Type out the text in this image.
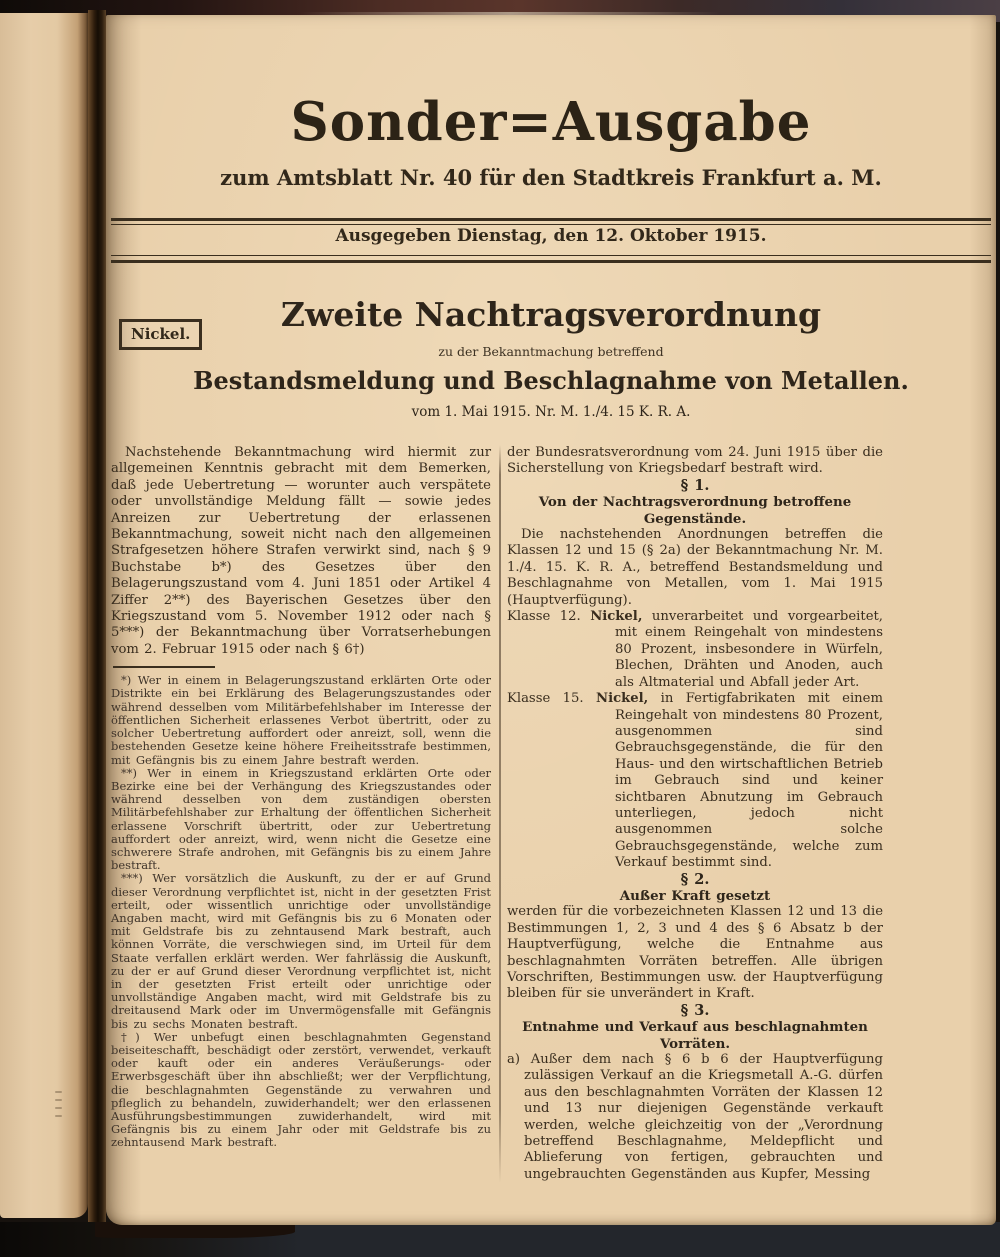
Sonder=Ausgabe
zum Amtsblatt Nr. 40 für den Stadtkreis Frankfurt a. M.
Ausgegeben Dienstag, den 12. Oktober 1915.
Nickel.	Zweite Nachtragsverordnung
zu der Bekanntmachung betreffend
Bestandsmeldung und Beschlagnahme von Metallen.
vom 1. Mai 1915. Nr. M. 1./4. 15 K. R. A.

Nachstehende Bekanntmachung wird hiermit zur allgemeinen Kenntnis gebracht mit dem Bemerken, daß jede Uebertretung — worunter auch verspätete oder unvollständige Meldung fällt — sowie jedes Anreizen zur Uebertretung der erlassenen Bekanntmachung, soweit nicht nach den allgemeinen Strafgesetzen höhere Strafen verwirkt sind, nach § 9 Buchstabe b*) des Gesetzes über den Belagerungszustand vom 4. Juni 1851 oder Artikel 4 Ziffer 2**) des Bayerischen Gesetzes über den Kriegszustand vom 5. November 1912 oder nach § 5***) der Bekanntmachung über Vorratserhebungen vom 2. Februar 1915 oder nach § 6†)

*) Wer in einem in Belagerungszustand erklärten Orte oder Distrikte ein bei Erklärung des Belagerungszustandes oder während desselben vom Militärbefehlshaber im Interesse der öffentlichen Sicherheit erlassenes Verbot übertritt, oder zu solcher Uebertretung auffordert oder anreizt, soll, wenn die bestehenden Gesetze keine höhere Freiheitsstrafe bestimmen, mit Gefängnis bis zu einem Jahre bestraft werden.

**) Wer in einem in Kriegszustand erklärten Orte oder Bezirke eine bei der Verhängung des Kriegszustandes oder während desselben von dem zuständigen obersten Militärbefehlshaber zur Erhaltung der öffentlichen Sicherheit erlassene Vorschrift übertritt, oder zur Uebertretung auffordert oder anreizt, wird, wenn nicht die Gesetze eine schwerere Strafe androhen, mit Gefängnis bis zu einem Jahre bestraft.

***) Wer vorsätzlich die Auskunft, zu der er auf Grund dieser Verordnung verpflichtet ist, nicht in der gesetzten Frist erteilt, oder wissentlich unrichtige oder unvollständige Angaben macht, wird mit Gefängnis bis zu 6 Monaten oder mit Geldstrafe bis zu zehntausend Mark bestraft, auch können Vorräte, die verschwiegen sind, im Urteil für dem Staate verfallen erklärt werden. Wer fahrlässig die Auskunft, zu der er auf Grund dieser Verordnung verpflichtet ist, nicht in der gesetzten Frist erteilt oder unrichtige oder unvollständige Angaben macht, wird mit Geldstrafe bis zu dreitausend Mark oder im Unvermögensfalle mit Gefängnis bis zu sechs Monaten bestraft.

†) Wer unbefugt einen beschlagnahmten Gegenstand beiseiteschafft, beschädigt oder zerstört, verwendet, verkauft oder kauft oder ein anderes Veräußerungs- oder Erwerbsgeschäft über ihn abschließt; wer der Verpflichtung, die beschlagnahmten Gegenstände zu verwahren und pfleglich zu behandeln, zuwiderhandelt; wer den erlassenen Ausführungsbestimmungen zuwiderhandelt, wird mit Gefängnis bis zu einem Jahr oder mit Geldstrafe bis zu zehntausend Mark bestraft.

der Bundesratsverordnung vom 24. Juni 1915 über die Sicherstellung von Kriegsbedarf bestraft wird.

§ 1.

Von der Nachtragsverordnung betroffene Gegenstände.

Die nachstehenden Anordnungen betreffen die Klassen 12 und 15 (§ 2a) der Bekanntmachung Nr. M. 1./4. 15. K. R. A., betreffend Bestandsmeldung und Beschlagnahme von Metallen, vom 1. Mai 1915 (Hauptverfügung).

Klasse 12. Nickel, unverarbeitet und vorgearbeitet, mit einem Reingehalt von mindestens 80 Prozent, insbesondere in Würfeln, Blechen, Drähten und Anoden, auch als Altmaterial und Abfall jeder Art.

Klasse 15. Nickel, in Fertigfabrikaten mit einem Reingehalt von mindestens 80 Prozent, ausgenommen sind Gebrauchsgegenstände, die für den Haus- und den wirtschaftlichen Betrieb im Gebrauch sind und keiner sichtbaren Abnutzung im Gebrauch unterliegen, jedoch nicht ausgenommen solche Gebrauchsgegenstände, welche zum Verkauf bestimmt sind.

§ 2.

Außer Kraft gesetzt

werden für die vorbezeichneten Klassen 12 und 13 die Bestimmungen 1, 2, 3 und 4 des § 6 Absatz b der Hauptverfügung, welche die Entnahme aus beschlagnahmten Vorräten betreffen. Alle übrigen Vorschriften, Bestimmungen usw. der Hauptverfügung bleiben für sie unverändert in Kraft.

§ 3.

Entnahme und Verkauf aus beschlagnahmten Vorräten.

a) Außer dem nach § 6 b 6 der Hauptverfügung zulässigen Verkauf an die Kriegsmetall A.-G. dürfen aus den beschlagnahmten Vorräten der Klassen 12 und 13 nur diejenigen Gegenstände verkauft werden, welche gleichzeitig von der „Verordnung betreffend Beschlagnahme, Meldepflicht und Ablieferung von fertigen, gebrauchten und ungebrauchten Gegenständen aus Kupfer, Messing
